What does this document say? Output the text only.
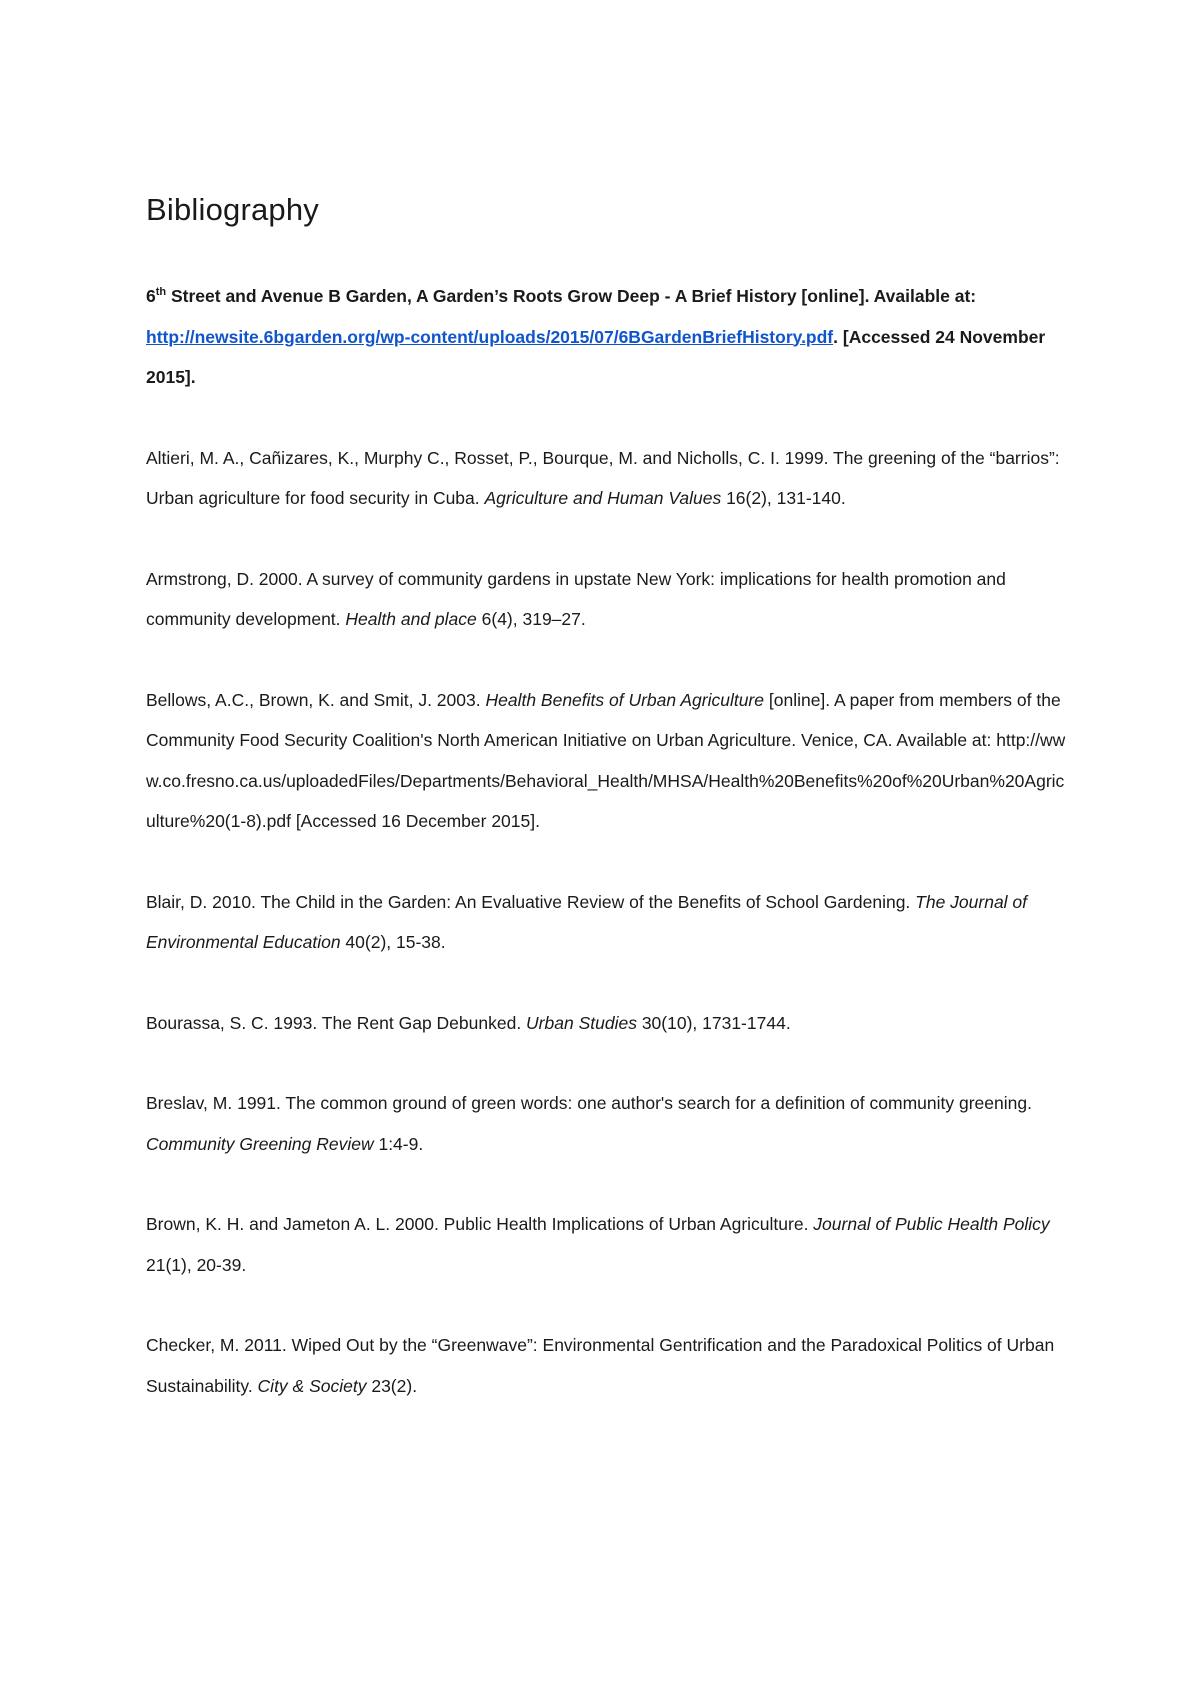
Bibliography

6th Street and Avenue B Garden, A Garden’s Roots Grow Deep - A Brief History [online]. Available at: http://newsite.6bgarden.org/wp-content/uploads/2015/07/6BGardenBriefHistory.pdf. [Accessed 24 November 2015].

Altieri, M. A., Cañizares, K., Murphy C., Rosset, P., Bourque, M. and Nicholls, C. I. 1999. The greening of the “barrios”: Urban agriculture for food security in Cuba. Agriculture and Human Values 16(2), 131-140.

Armstrong, D. 2000. A survey of community gardens in upstate New York: implications for health promotion and community development. Health and place 6(4), 319–27.

Bellows, A.C., Brown, K. and Smit, J. 2003. Health Benefits of Urban Agriculture [online]. A paper from members of the Community Food Security Coalition's North American Initiative on Urban Agriculture. Venice, CA. Available at: http://www.co.fresno.ca.us/uploadedFiles/Departments/Behavioral_Health/MHSA/Health%20Benefits%20of%20Urban%20Agriculture%20(1-8).pdf [Accessed 16 December 2015].

Blair, D. 2010. The Child in the Garden: An Evaluative Review of the Benefits of School Gardening. The Journal of Environmental Education 40(2), 15-38.

Bourassa, S. C. 1993. The Rent Gap Debunked. Urban Studies 30(10), 1731-1744.

Breslav, M. 1991. The common ground of green words: one author's search for a definition of community greening. Community Greening Review 1:4-9.

Brown, K. H. and Jameton A. L. 2000. Public Health Implications of Urban Agriculture. Journal of Public Health Policy 21(1), 20-39.

Checker, M. 2011. Wiped Out by the “Greenwave”: Environmental Gentrification and the Paradoxical Politics of Urban Sustainability. City & Society 23(2).
